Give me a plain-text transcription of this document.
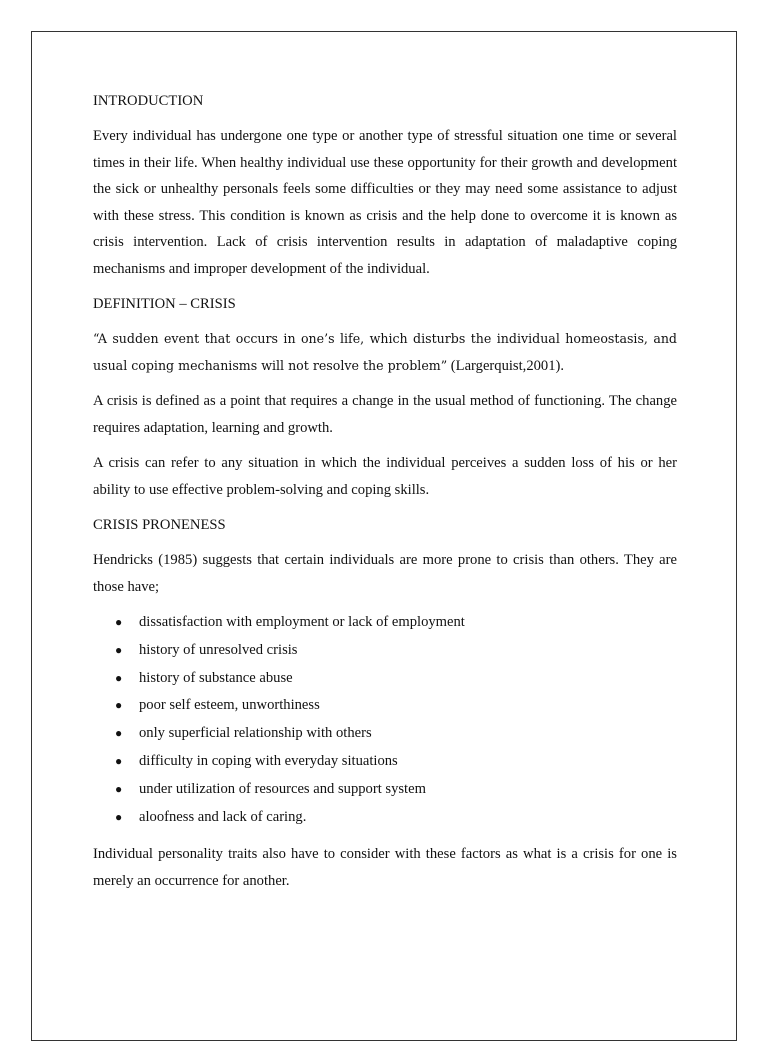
INTRODUCTION

Every individual has undergone one type or another type of stressful situation one time or several times in their life. When healthy individual use these opportunity for their growth and development the sick or unhealthy personals feels some difficulties or they may need some assistance to adjust with these stress. This condition is known as crisis and the help done to overcome it is known as crisis intervention. Lack of crisis intervention results in adaptation of maladaptive coping mechanisms and improper development of the individual.

DEFINITION – CRISIS

“A sudden event that occurs in one’s life, which disturbs the individual homeostasis, and usual coping mechanisms will not resolve the problem” (Largerquist,2001).

A crisis is defined as a point that requires a change in the usual method of functioning. The change requires adaptation, learning and growth.

A crisis can refer to any situation in which the individual perceives a sudden loss of his or her ability to use effective problem-solving and coping skills.

CRISIS PRONENESS

Hendricks (1985) suggests that certain individuals are more prone to crisis than others. They are those have;

● dissatisfaction with employment or lack of employment
● history of unresolved crisis
● history of substance abuse
● poor self esteem, unworthiness
● only superficial relationship with others
● difficulty in coping with everyday situations
● under utilization of resources and support system
● aloofness and lack of caring.

Individual personality traits also have to consider with these factors as what is a crisis for one is merely an occurrence for another.
